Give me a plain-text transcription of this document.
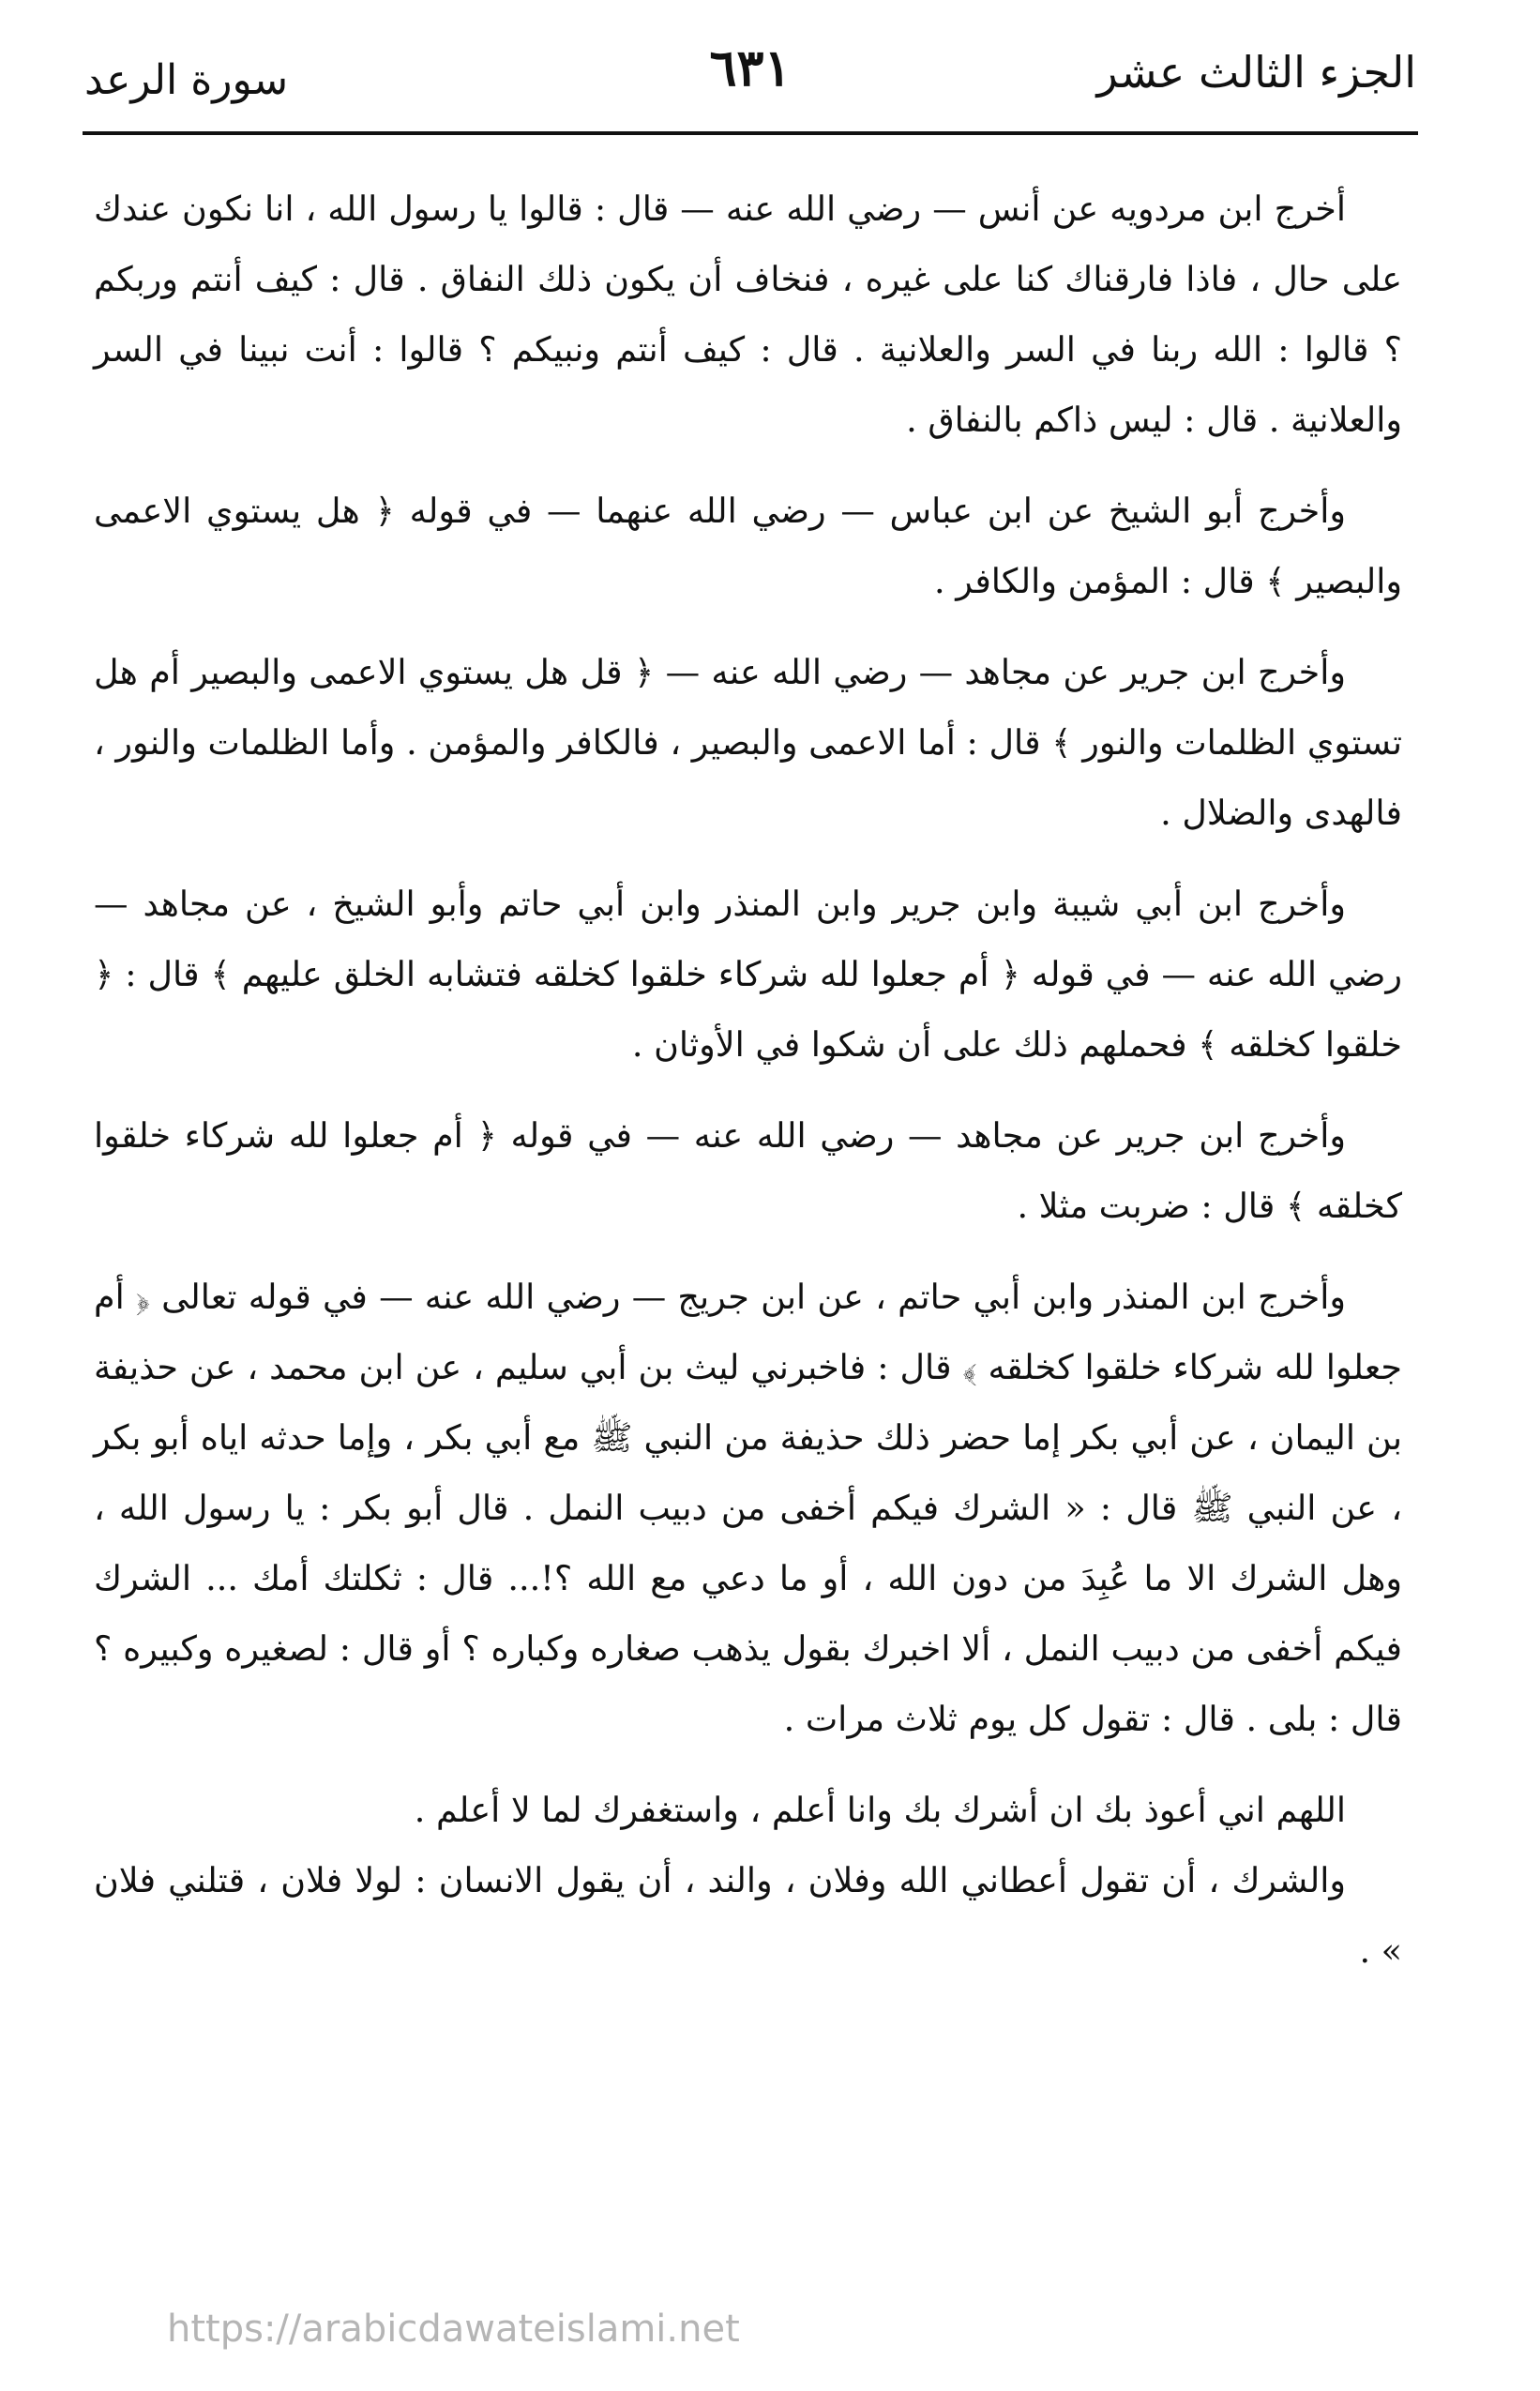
الجزء الثالث عشر
٦٣١
سورة الرعد

أخرج ابن مردويه عن أنس — رضي الله عنه — قال : قالوا يا رسول الله ، انا نكون عندك على حال ، فاذا فارقناك كنا على غيره ، فنخاف أن يكون ذلك النفاق . قال : كيف أنتم وربكم ؟ قالوا : الله ربنا في السر والعلانية . قال : كيف أنتم ونبيكم ؟ قالوا : أنت نبينا في السر والعلانية . قال : ليس ذاكم بالنفاق .

وأخرج أبو الشيخ عن ابن عباس — رضي الله عنهما — في قوله ﴿ هل يستوي الاعمى والبصير ﴾ قال : المؤمن والكافر .

وأخرج ابن جرير عن مجاهد — رضي الله عنه — ﴿ قل هل يستوي الاعمى والبصير أم هل تستوي الظلمات والنور ﴾ قال : أما الاعمى والبصير ، فالكافر والمؤمن . وأما الظلمات والنور ، فالهدى والضلال .

وأخرج ابن أبي شيبة وابن جرير وابن المنذر وابن أبي حاتم وأبو الشيخ ، عن مجاهد — رضي الله عنه — في قوله ﴿ أم جعلوا لله شركاء خلقوا كخلقه فتشابه الخلق عليهم ﴾ قال : ﴿ خلقوا كخلقه ﴾ فحملهم ذلك على أن شكوا في الأوثان .

وأخرج ابن جرير عن مجاهد — رضي الله عنه — في قوله ﴿ أم جعلوا لله شركاء خلقوا كخلقه ﴾ قال : ضربت مثلا .

وأخرج ابن المنذر وابن أبي حاتم ، عن ابن جريج — رضي الله عنه — في قوله تعالى ﴿ أم جعلوا لله شركاء خلقوا كخلقه ﴾ قال : فاخبرني ليث بن أبي سليم ، عن ابن محمد ، عن حذيفة بن اليمان ، عن أبي بكر إما حضر ذلك حذيفة من النبي ﷺ مع أبي بكر ، وإما حدثه اياه أبو بكر ، عن النبي ﷺ قال : « الشرك فيكم أخفى من دبيب النمل . قال أبو بكر : يا رسول الله ، وهل الشرك الا ما عُبِدَ من دون الله ، أو ما دعي مع الله ؟!... قال : ثكلتك أمك ... الشرك فيكم أخفى من دبيب النمل ، ألا اخبرك بقول يذهب صغاره وكباره ؟ أو قال : لصغيره وكبيره ؟ قال : بلى . قال : تقول كل يوم ثلاث مرات .

اللهم اني أعوذ بك ان أشرك بك وانا أعلم ، واستغفرك لما لا أعلم .

والشرك ، أن تقول أعطاني الله وفلان ، والند ، أن يقول الانسان : لولا فلان ، قتلني فلان » .

https://arabicdawateislami.net
